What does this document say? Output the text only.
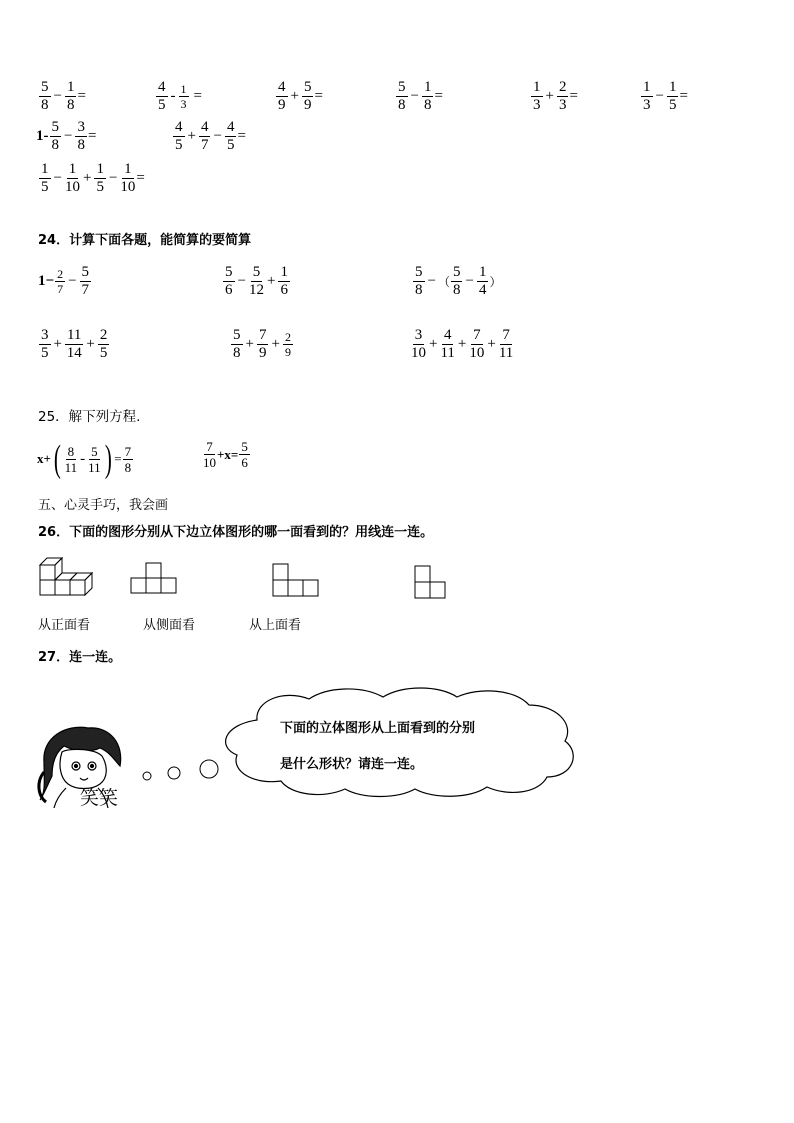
$\frac{5}{8} - \frac{1}{8}$ =	$\frac{4}{5} - \frac{1}{3}$ =	$\frac{4}{9} + \frac{5}{9}$ =	$\frac{5}{8} - \frac{1}{8}$ =	$\frac{1}{3} + \frac{2}{3}$ =	$\frac{1}{3} - \frac{1}{5}$ =
$1- \frac{5}{8} - \frac{3}{8}$ =	$\frac{4}{5} + \frac{4}{7} - \frac{4}{5}$ =
$\frac{1}{5} - \frac{1}{10} + \frac{1}{5} - \frac{1}{10}$ =
24．计算下面各题，能简算的要简算
$1- \frac{2}{7} - \frac{5}{7}$	$\frac{5}{6} - \frac{5}{12} + \frac{1}{6}$	$\frac{5}{8}$ − （ $\frac{5}{8} - \frac{1}{4}$ ）
$\frac{3}{5} + \frac{11}{14} + \frac{2}{5}$	$\frac{5}{8} + \frac{7}{9} + \frac{2}{9}$	$\frac{3}{10} + \frac{4}{11} + \frac{7}{10} + \frac{7}{11}$
25．解下列方程.
x+ ( $\frac{8}{11} - \frac{5}{11}$ ) = $\frac{7}{8}$	$\frac{7}{10} +x= \frac{5}{6}$
五、心灵手巧，我会画
26．下面的图形分别从下边立体图形的哪一面看到的？用线连一连。
从正面看	从侧面看	从上面看
27．连一连。
笑笑
下面的立体图形从上面看到的分别
是什么形状？请连一连。
